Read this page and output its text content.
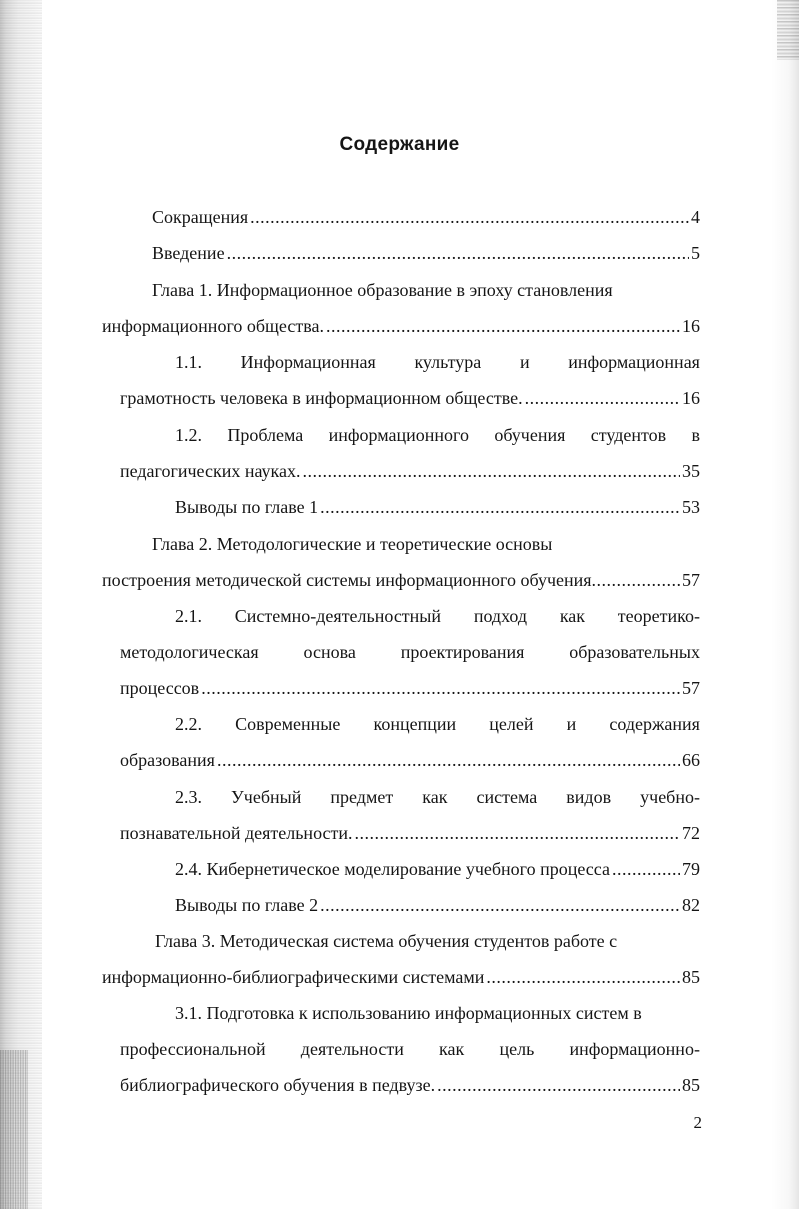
Содержание
Сокращения .....	4
Введение .....	5
Глава 1. Информационное образование в эпоху становления
информационного общества. .....	16
1.1. Информационная культура и информационная
грамотность человека в информационном обществе. .....	16
1.2. Проблема информационного обучения студентов в
педагогических науках. .....	35
Выводы по главе 1 .....	53
Глава 2. Методологические и теоретические основы
построения методической системы информационного обучения .....	57
2.1. Системно-деятельностный подход как теоретико-
методологическая основа проектирования образовательных
процессов .....	57
2.2. Современные концепции целей и содержания
образования .....	66
2.3. Учебный предмет как система видов учебно-
познавательной деятельности. .....	72
2.4. Кибернетическое моделирование учебного процесса .....	79
Выводы по главе 2 .....	82
Глава 3. Методическая система обучения студентов работе с
информационно-библиографическими системами .....	85
3.1. Подготовка к использованию информационных систем в
профессиональной деятельности как цель информационно-
библиографического обучения в педвузе. .....	85
2
